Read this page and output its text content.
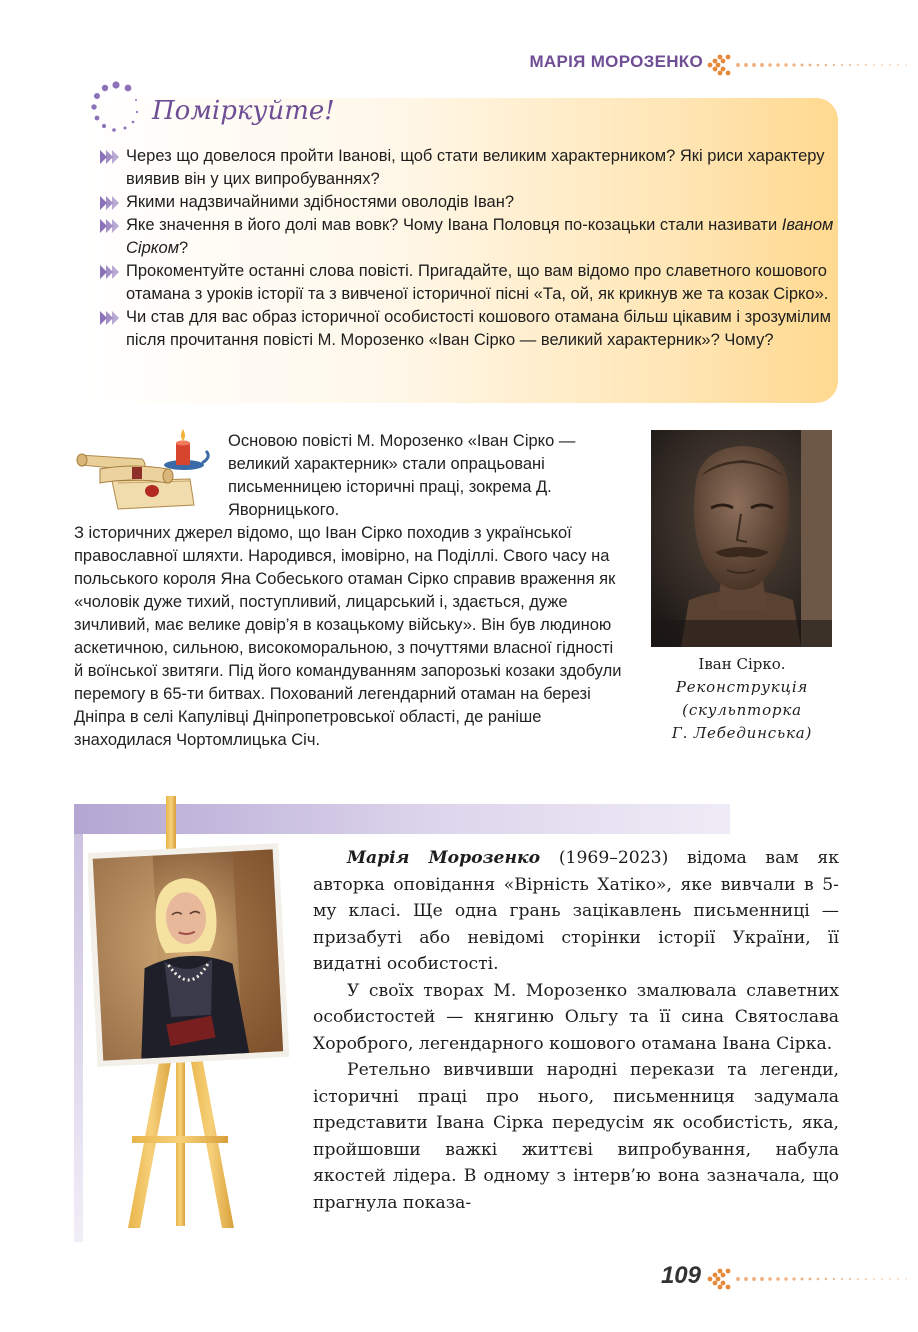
МАРІЯ МОРОЗЕНКО
Поміркуйте!
Через що довелося пройти Іванові, щоб стати великим характерником? Які риси характеру виявив він у цих випробуваннях?
Якими надзвичайними здібностями оволодів Іван?
Яке значення в його долі мав вовк? Чому Івана Половця по-козацьки стали називати Іваном Сірком?
Прокоментуйте останні слова повісті. Пригадайте, що вам відомо про славетного кошового отамана з уроків історії та з вивченої історичної пісні «Та, ой, як крикнув же та козак Сірко».
Чи став для вас образ історичної особистості кошового отамана більш цікавим і зрозумілим після прочитання повісті М. Морозенко «Іван Сірко — великий характерник»? Чому?

Основою повісті М. Морозенко «Іван Сірко — великий характерник» стали опрацьовані письменницею історичні праці, зокрема Д. Яворницького.

З історичних джерел відомо, що Іван Сірко походив з української православної шляхти. Народився, імовірно, на Поділлі. Свого часу на польського короля Яна Собеського отаман Сірко справив враження як «чоловік дуже тихий, поступливий, лицарський і, здається, дуже зичливий, має велике довір’я в козацькому війську». Він був людиною аскетичною, сильною, високоморальною, з почуттями власної гідності й воїнської звитяги. Під його командуванням запорозькі козаки здобули перемогу в 65-ти битвах. Похований легендарний отаман на березі Дніпра в селі Капулівці Дніпропетровської області, де раніше знаходилася Чортомлицька Січ.

Іван Сірко.
Реконструкція
(скульпторка
Г. Лебединська)

Марія Морозенко (1969–2023) відома вам як авторка оповідання «Вірність Хатіко», яке вивчали в 5-му класі. Ще одна грань зацікавлень письменниці — призабуті або невідомі сторінки історії України, її видатні особистості.

У своїх творах М. Морозенко змалювала славетних особистостей — княгиню Ольгу та її сина Святослава Хороброго, легендарного кошового отамана Івана Сірка.

Ретельно вивчивши народні перекази та легенди, історичні праці про нього, письменниця задумала представити Івана Сірка передусім як особистість, яка, пройшовши важкі життєві випробування, набула якостей лідера. В одному з інтерв’ю вона зазначала, що прагнула показа-

109
